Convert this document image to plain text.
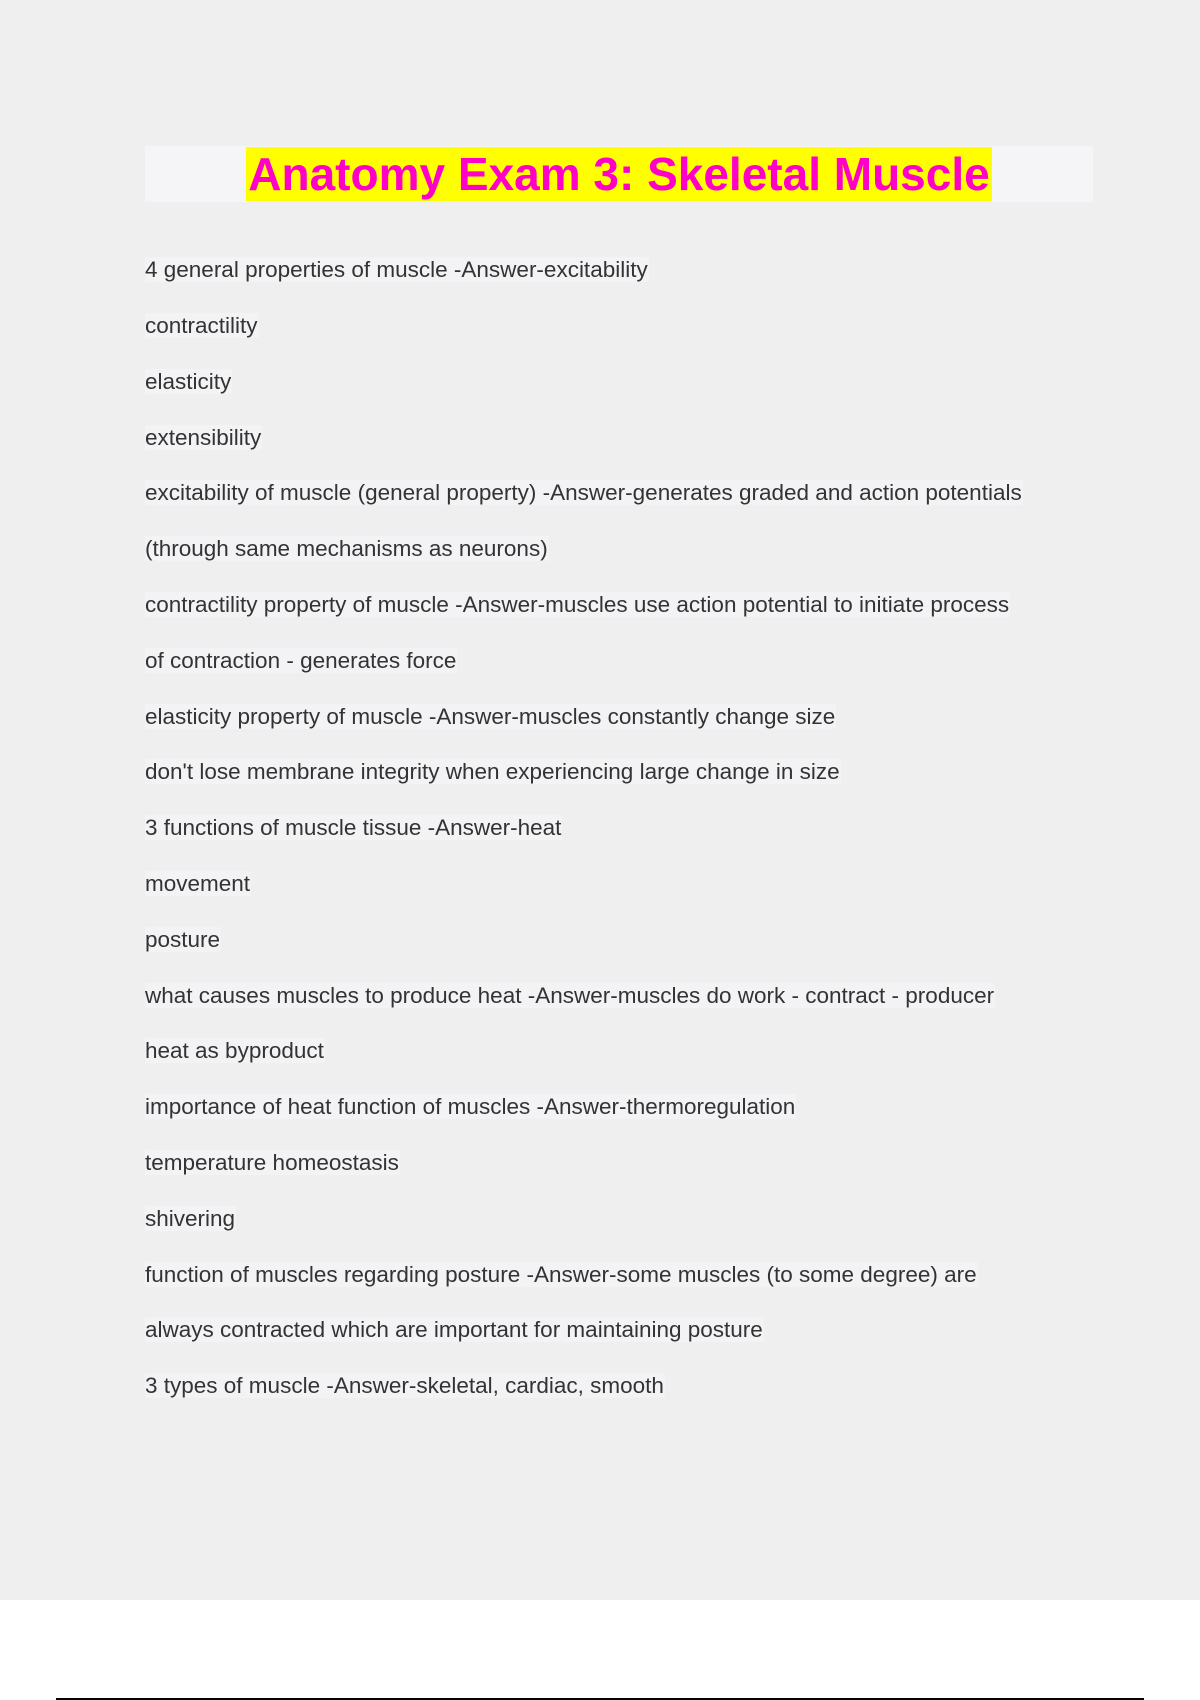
Anatomy Exam 3: Skeletal Muscle
4 general properties of muscle -Answer-excitability
contractility
elasticity
extensibility
excitability of muscle (general property) -Answer-generates graded and action potentials
(through same mechanisms as neurons)
contractility property of muscle -Answer-muscles use action potential to initiate process
of contraction - generates force
elasticity property of muscle -Answer-muscles constantly change size
don't lose membrane integrity when experiencing large change in size
3 functions of muscle tissue -Answer-heat
movement
posture
what causes muscles to produce heat -Answer-muscles do work - contract - producer
heat as byproduct
importance of heat function of muscles -Answer-thermoregulation
temperature homeostasis
shivering
function of muscles regarding posture -Answer-some muscles (to some degree) are
always contracted which are important for maintaining posture
3 types of muscle -Answer-skeletal, cardiac, smooth
